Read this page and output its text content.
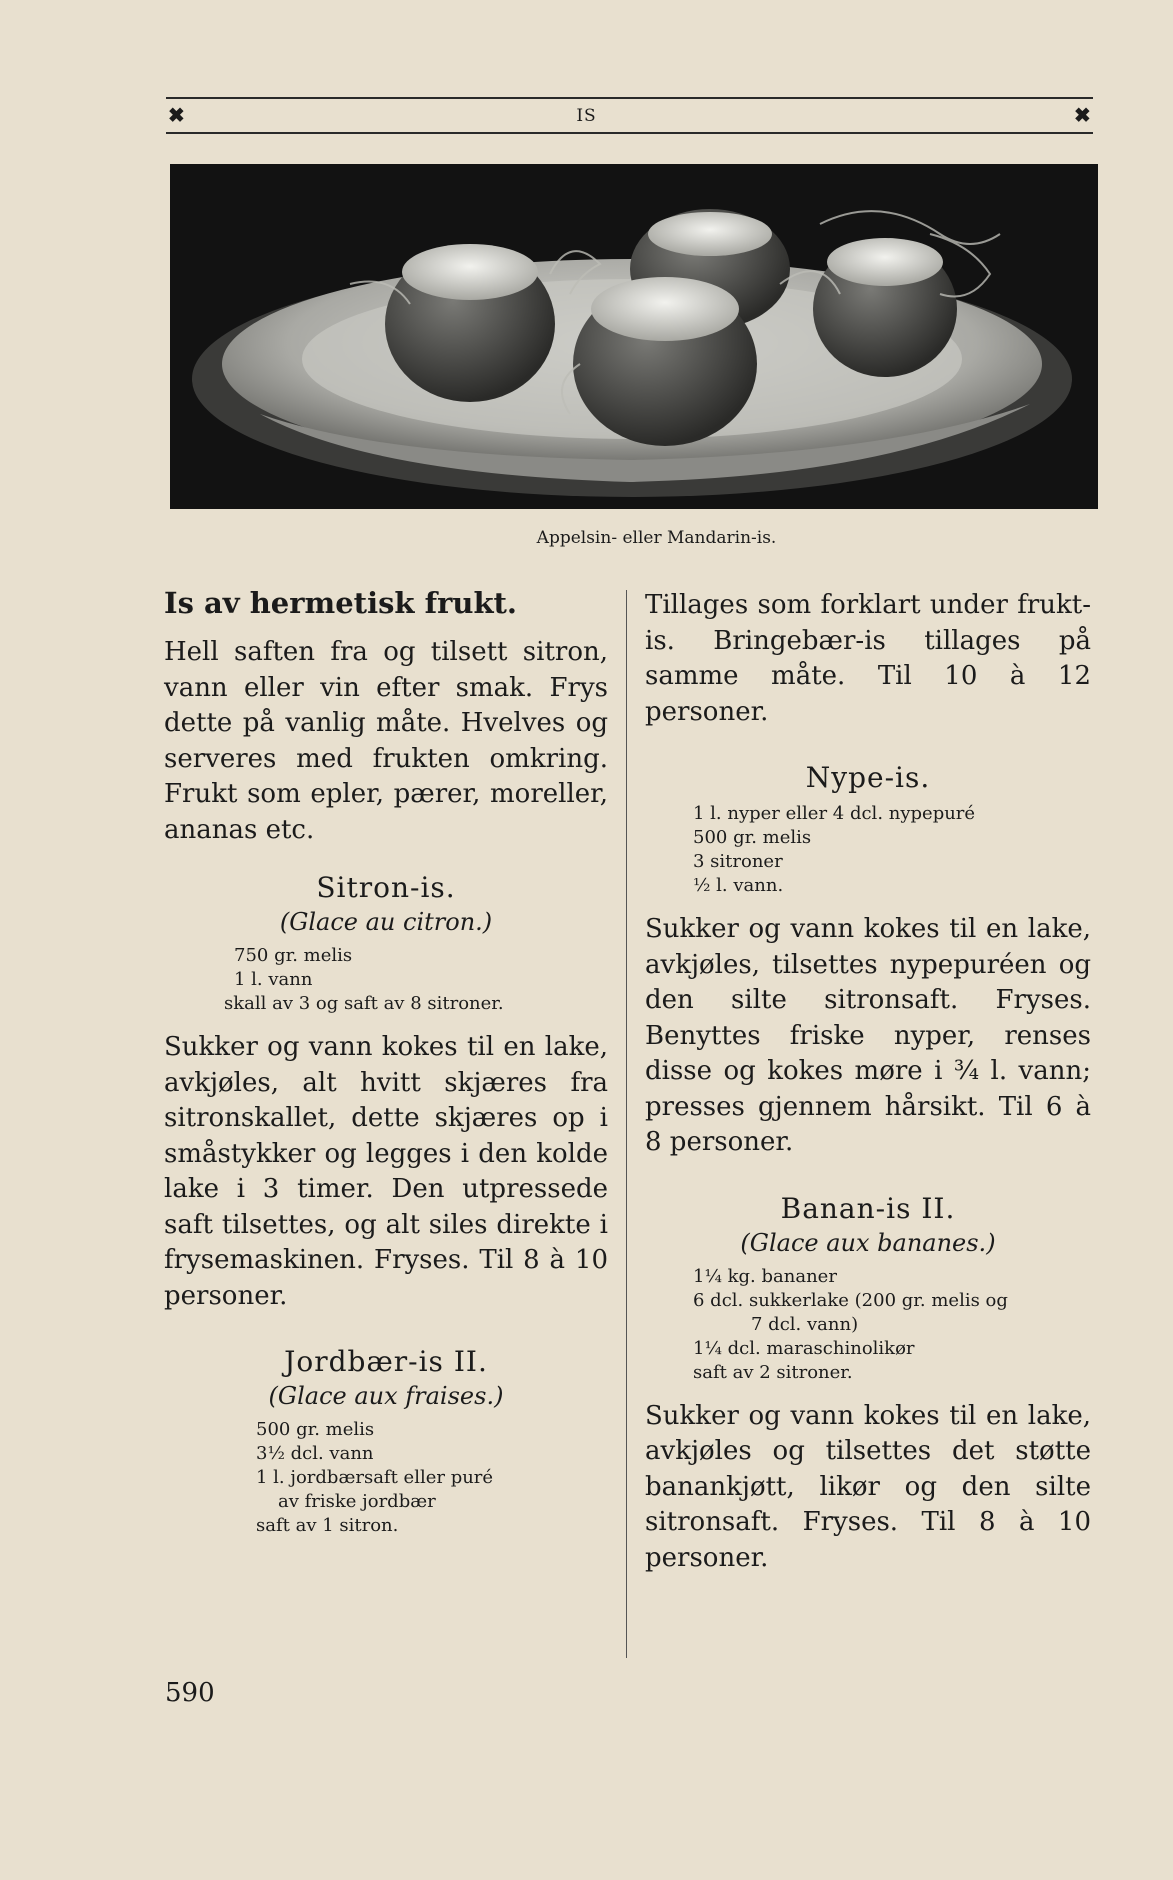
✖	IS	✖
Appelsin- eller Mandarin-is.
Is av hermetisk frukt.

Hell saften fra og tilsett sitron, vann eller vin efter smak. Frys dette på vanlig måte. Hvelves og serveres med frukten omkring. Frukt som epler, pærer, moreller, ananas etc.

Sitron-is.
(Glace au citron.)
750 gr. melis
1 l. vann
skall av 3 og saft av 8 sitroner.

Sukker og vann kokes til en lake, avkjøles, alt hvitt skjæres fra sitronskallet, dette skjæres op i småstykker og legges i den kolde lake i 3 timer. Den utpressede saft tilsettes, og alt siles direkte i frysemaskinen. Fryses. Til 8 à 10 personer.

Jordbær-is II.
(Glace aux fraises.)
500 gr. melis
3½ dcl. vann
1 l. jordbærsaft eller puré
av friske jordbær
saft av 1 sitron.

Tillages som forklart under frukt-is. Bringebær-is tillages på samme måte. Til 10 à 12 personer.

Nype-is.
1 l. nyper eller 4 dcl. nypepuré
500 gr. melis
3 sitroner
½ l. vann.

Sukker og vann kokes til en lake, avkjøles, tilsettes nypepuréen og den silte sitronsaft. Fryses. Benyttes friske nyper, renses disse og kokes møre i ¾ l. vann; presses gjennem hårsikt. Til 6 à 8 personer.

Banan-is II.
(Glace aux bananes.)
1¼ kg. bananer
6 dcl. sukkerlake (200 gr. melis og
7 dcl. vann)
1¼ dcl. maraschinolikør
saft av 2 sitroner.

Sukker og vann kokes til en lake, avkjøles og tilsettes det støtte banankjøtt, likør og den silte sitronsaft. Fryses. Til 8 à 10 personer.

590
